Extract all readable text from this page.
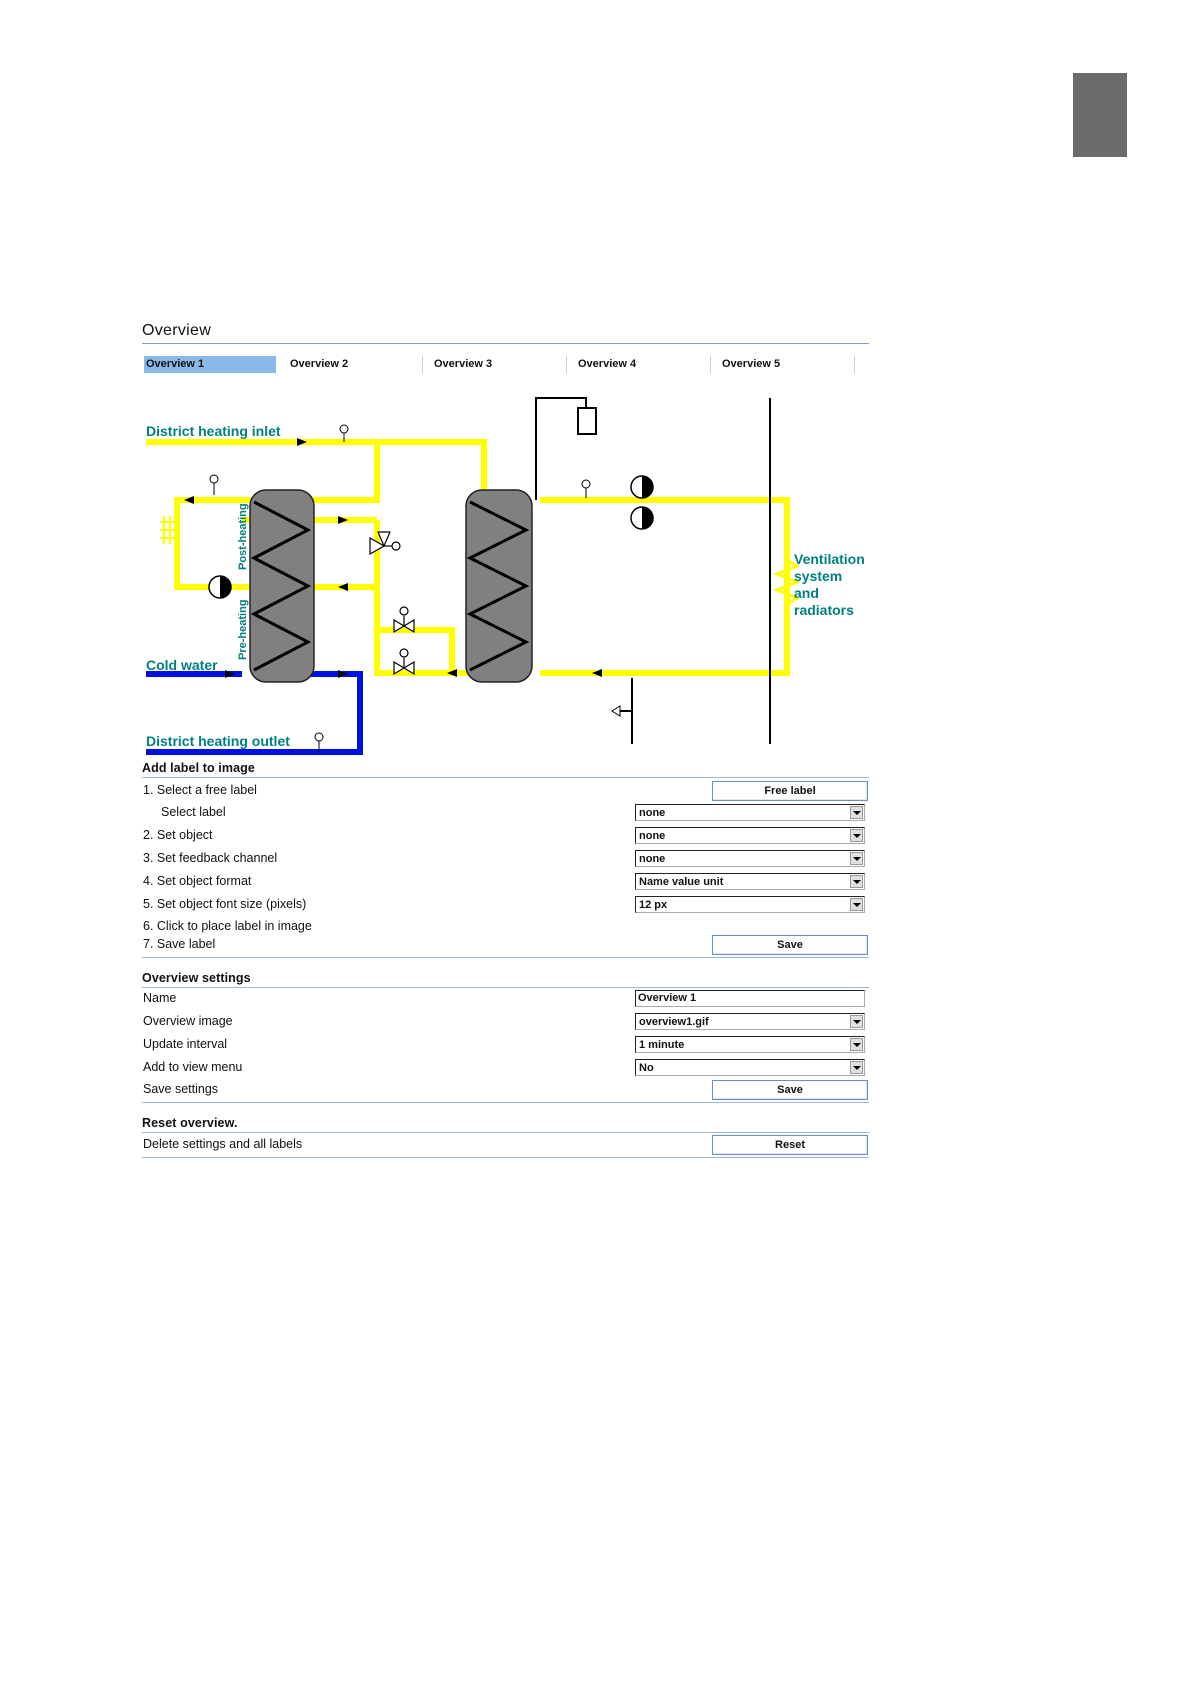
Overview
Overview 1	Overview 2	Overview 3	Overview 4	Overview 5
District heating inlet
Cold water
District heating outlet
Ventilation
system
and
radiators
Post-heating
Pre-heating
Add label to image
1. Select a free label	Free label
Select label	none
2. Set object	none
3. Set feedback channel	none
4. Set object format	Name value unit
5. Set object font size (pixels)	12 px
6. Click to place label in image
7. Save label	Save
Overview settings
Name	Overview 1
Overview image	overview1.gif
Update interval	1 minute
Add to view menu	No
Save settings	Save
Reset overview.
Delete settings and all labels	Reset
